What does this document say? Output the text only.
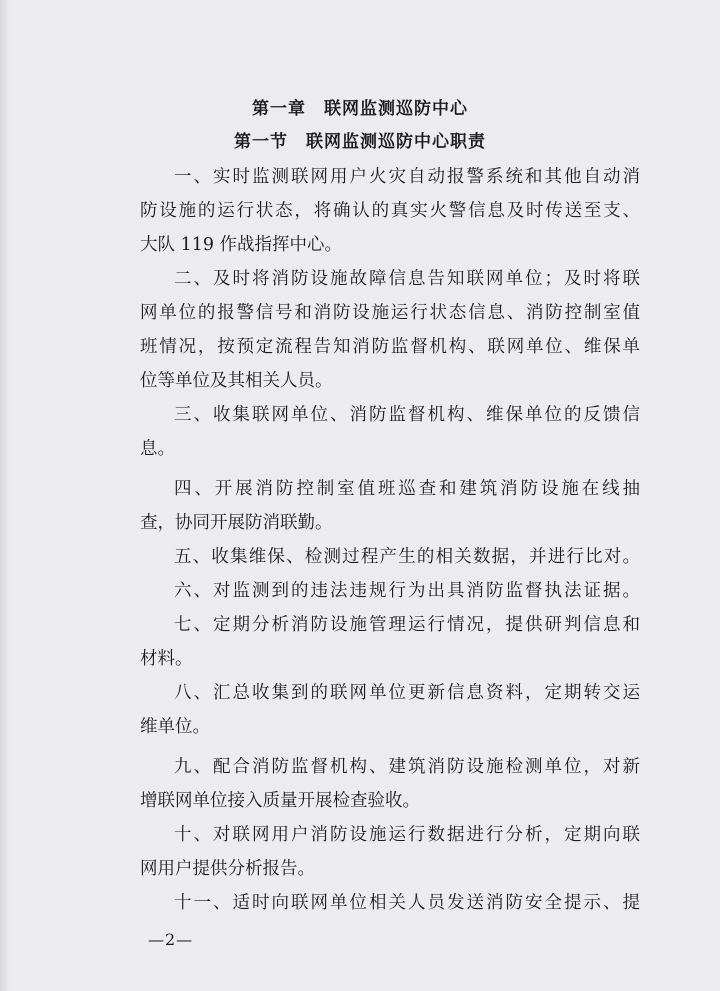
第一章　联网监测巡防中心
第一节　联网监测巡防中心职责
一、实时监测联网用户火灾自动报警系统和其他自动消
防设施的运行状态，将确认的真实火警信息及时传送至支、
大队 119 作战指挥中心。
二、及时将消防设施故障信息告知联网单位；及时将联
网单位的报警信号和消防设施运行状态信息、消防控制室值
班情况，按预定流程告知消防监督机构、联网单位、维保单
位等单位及其相关人员。
三、收集联网单位、消防监督机构、维保单位的反馈信
息。
四、开展消防控制室值班巡查和建筑消防设施在线抽
查，协同开展防消联勤。
五、收集维保、检测过程产生的相关数据，并进行比对。
六、对监测到的违法违规行为出具消防监督执法证据。
七、定期分析消防设施管理运行情况，提供研判信息和
材料。
八、汇总收集到的联网单位更新信息资料，定期转交运
维单位。
九、配合消防监督机构、建筑消防设施检测单位，对新
增联网单位接入质量开展检查验收。
十、对联网用户消防设施运行数据进行分析，定期向联
网用户提供分析报告。
十一、适时向联网单位相关人员发送消防安全提示、提
—2—
